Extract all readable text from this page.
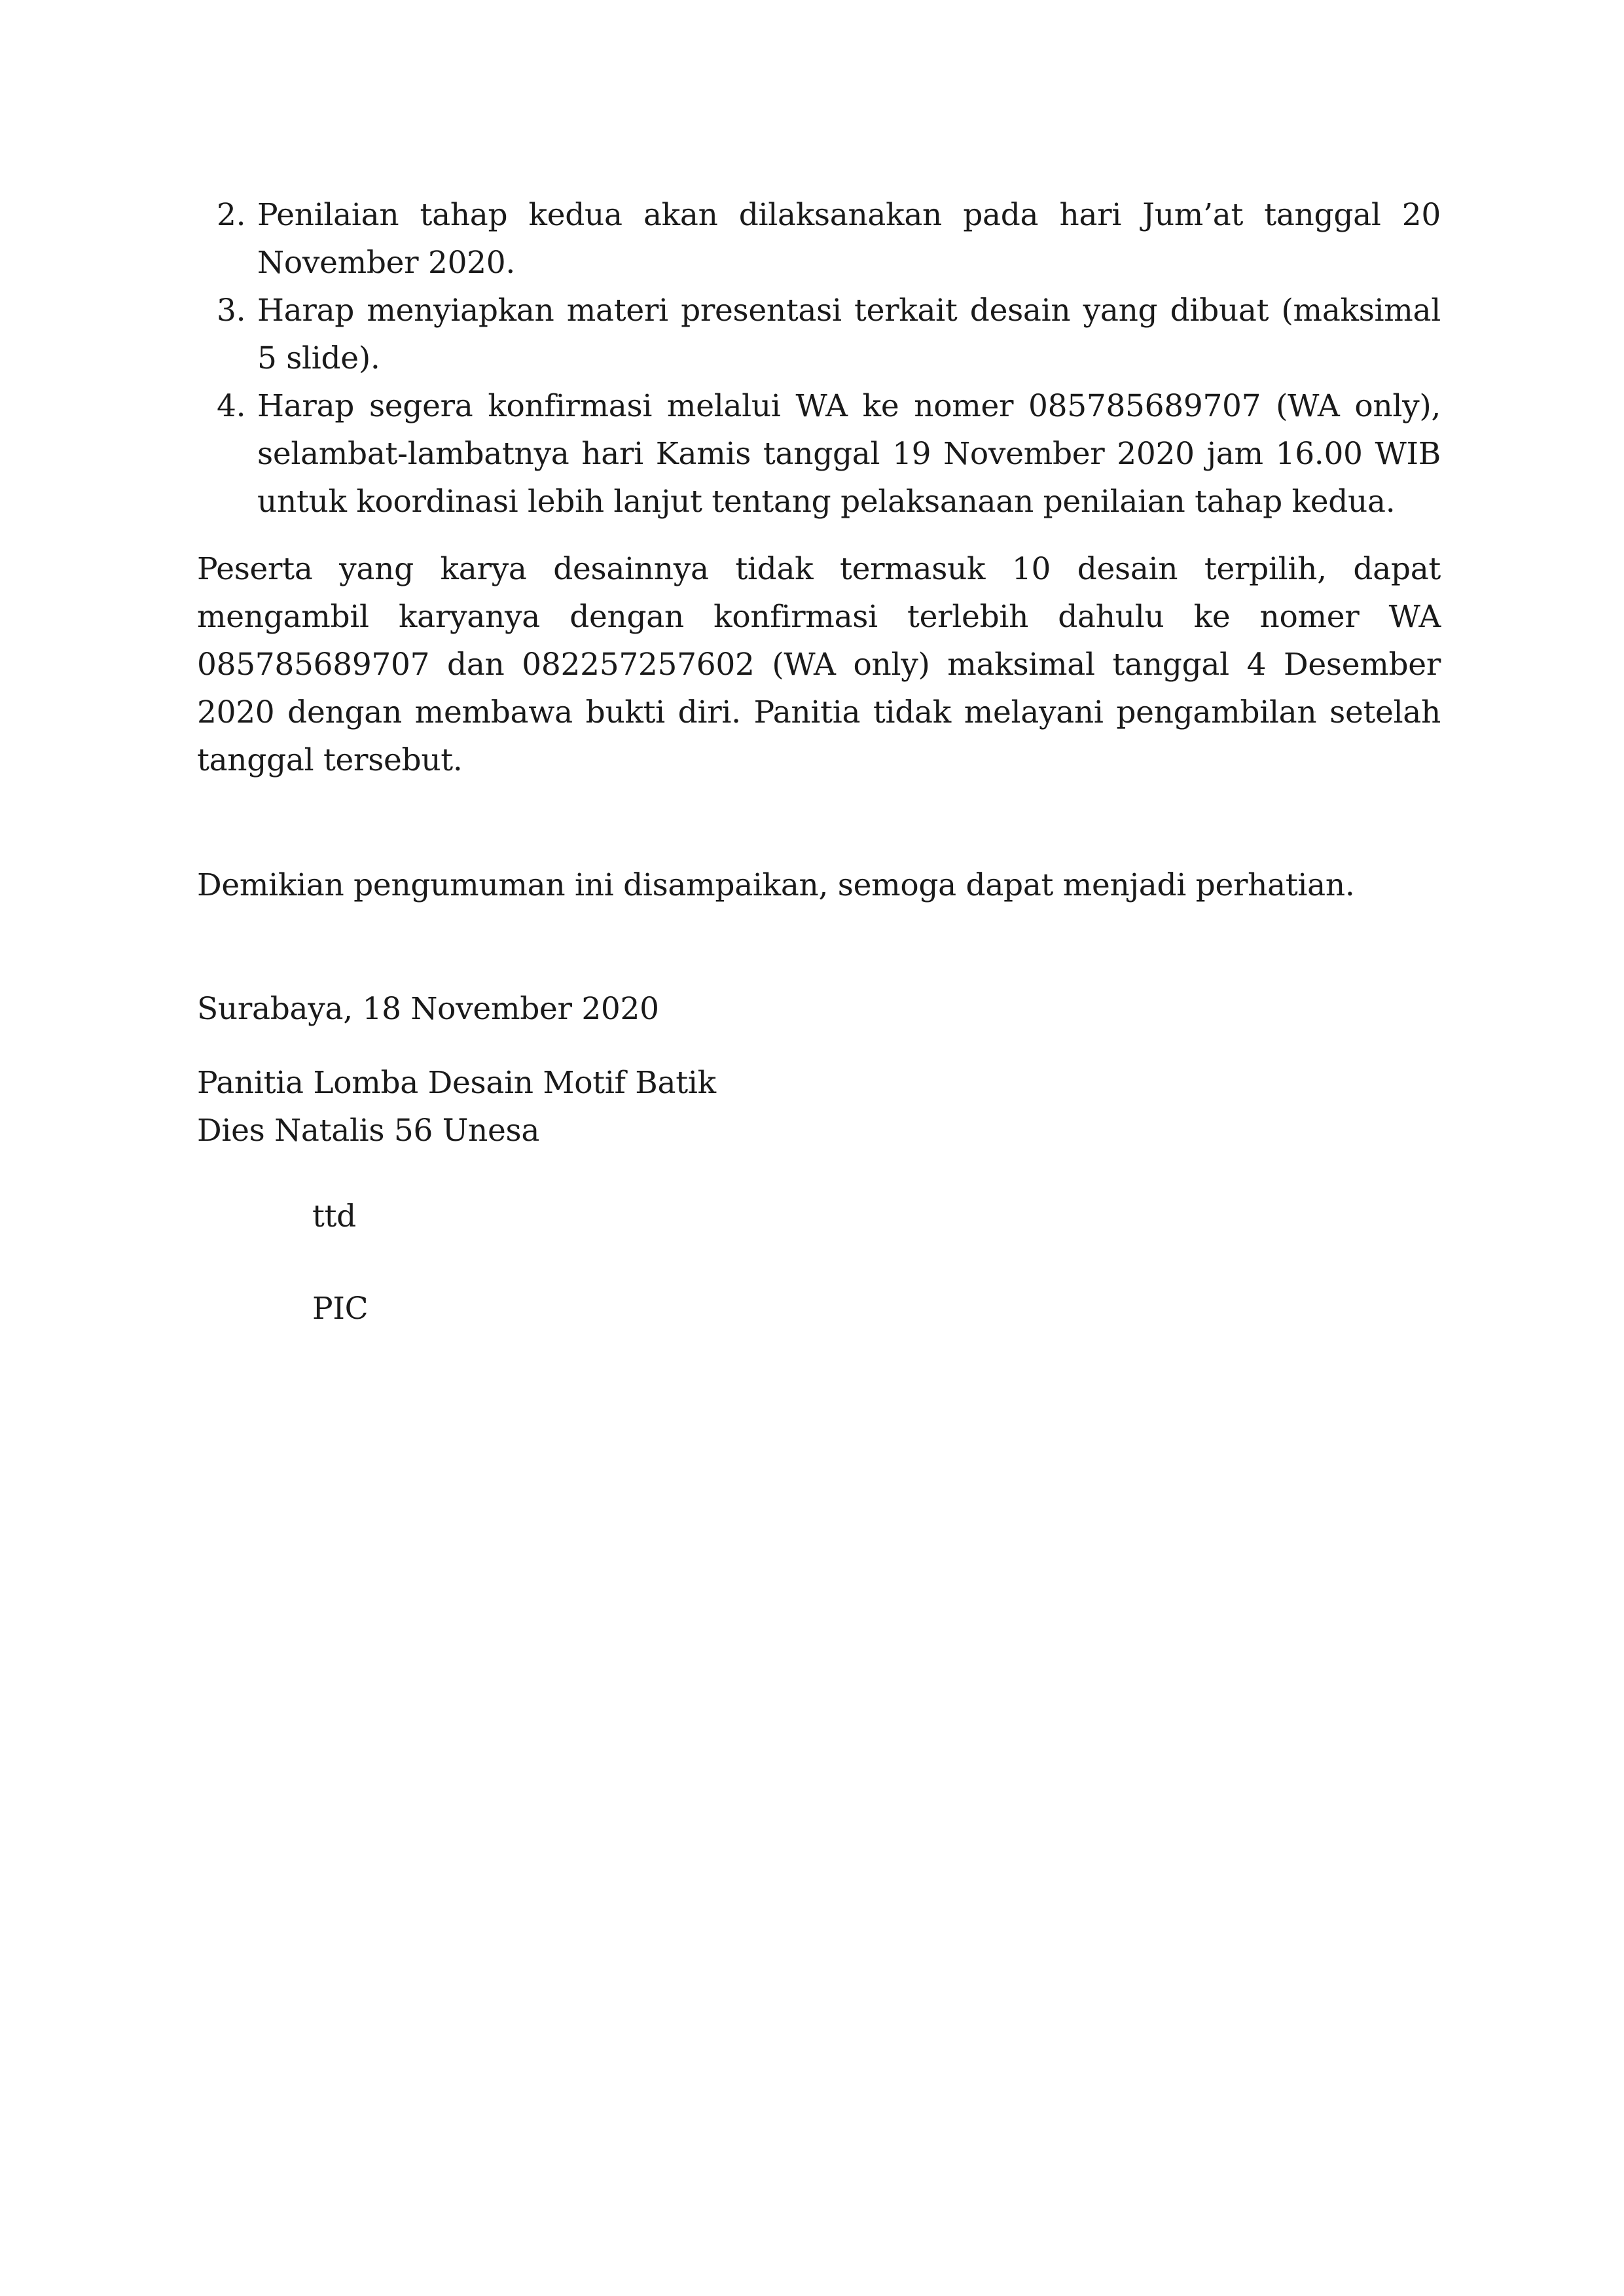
2. Penilaian tahap kedua akan dilaksanakan pada hari Jum’at tanggal 20 November 2020.
3. Harap menyiapkan materi presentasi terkait desain yang dibuat (maksimal 5 slide).
4. Harap segera konfirmasi melalui WA ke nomer 085785689707 (WA only), selambat-lambatnya hari Kamis tanggal 19 November 2020 jam 16.00 WIB untuk koordinasi lebih lanjut tentang pelaksanaan penilaian tahap kedua.

Peserta yang karya desainnya tidak termasuk 10 desain terpilih, dapat mengambil karyanya dengan konfirmasi terlebih dahulu ke nomer WA 085785689707 dan 082257257602 (WA only) maksimal tanggal 4 Desember 2020 dengan membawa bukti diri. Panitia tidak melayani pengambilan setelah tanggal tersebut.

Demikian pengumuman ini disampaikan, semoga dapat menjadi perhatian.

Surabaya, 18 November 2020

Panitia Lomba Desain Motif Batik
Dies Natalis 56 Unesa
ttd
PIC
